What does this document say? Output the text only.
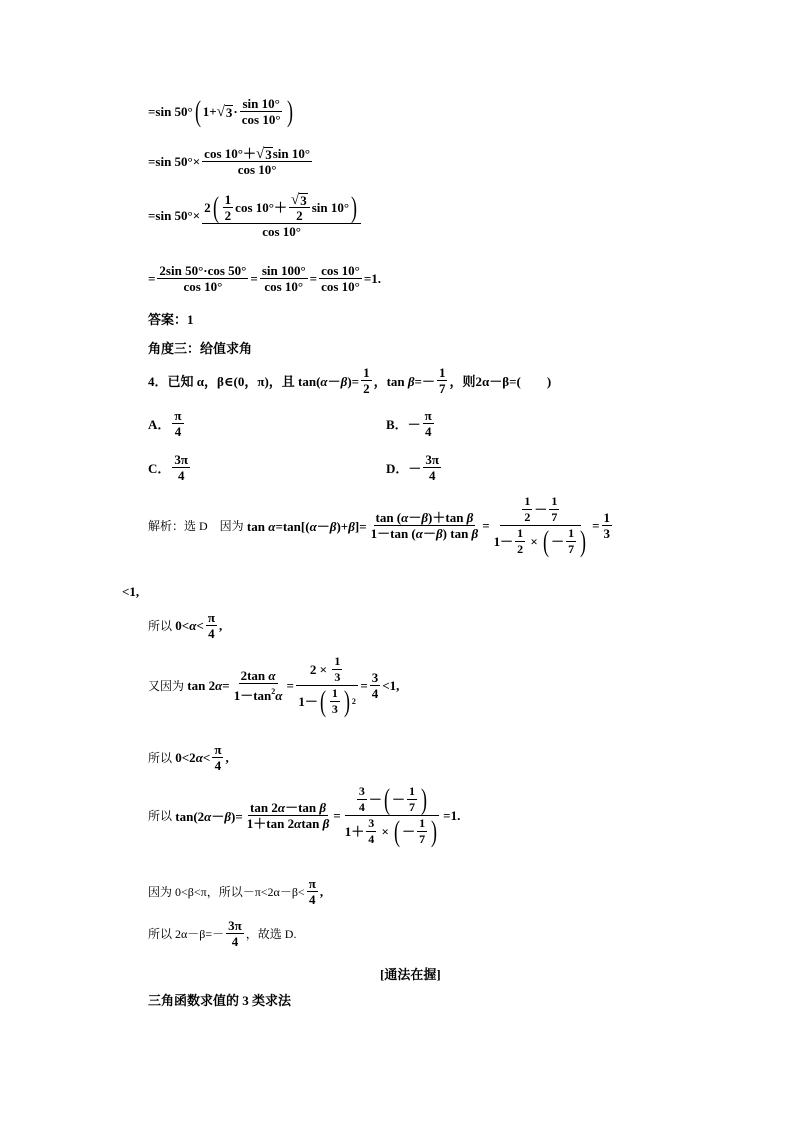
=sin 50° ( 1+ √ $3 \cdot \frac{\sin 10^\circ}{\cos 10^\circ}$ )
=sin $50^\circ\times \frac{\cos 10^\circ+ √ 3 \sin 10^\circ}{\cos 10^\circ}$
=sin $50^\circ\times \frac{2 ( \frac{1}{2} \cos 10^\circ+ \frac{√ 3}{2} \sin 10^\circ )}{\cos 10^\circ}$
= $\frac{2\sin 50^\circ\cdot\cos 50^\circ}{\cos 10^\circ} = \frac{\sin 100^\circ}{\cos 10^\circ} = \frac{\cos 10^\circ}{\cos 10^\circ} =1$.
答案：1
角度三：给值求角
4．已知
α，β∈(0，π)，且 $\tan(\alpha-\beta)= \frac{1}{2}$ ，$\tan \beta=- \frac{1}{7}$ ， 则2α－β=(　　)
A． $\frac{\pi}{4}$	B．－ $\frac{\pi}{4}$
C． $\frac{3\pi}{4}$	D．－ $\frac{3\pi}{4}$
解析：选 D　因为 $\tan \alpha=\tan[(\alpha-\beta)+\beta]= \frac{\text{tan (α－β)＋tan β}}{\text{1－tan (α－β) tan β}} = \frac{\frac{1}{2} - \frac{1}{7}}{1- \frac{1}{2} \times ( - \frac{1}{7} )} = \frac{1}{3}$
<1,
所以 $0<\alpha< \frac{\pi}{4}$ ,
又因为 $\tan 2\alpha= \frac{\text{2tan α}}{1-\tan^2\alpha} = \frac{2 \times \frac{1}{3}}{1- ( \frac{1}{3} ) 2} = \frac{3}{4} <1$,
所以 $0<2\alpha< \frac{\pi}{4}$ ,
所以 $\tan(2\alpha-\beta)= \frac{\text{tan 2α－tan β}}{\text{1＋tan 2αtan β}} = \frac{\frac{3}{4} - ( - \frac{1}{7} )}{1+ \frac{3}{4} \times ( - \frac{1}{7} )} =1$.
因为 0<β<π，所以$-\pi<2\alpha-\beta< \frac{\pi}{4}$ ,
所以 $2\alpha-\beta=- \frac{3\pi}{4}$ ，故选 D.
[通法在握]
三角函数求值的 3 类求法
